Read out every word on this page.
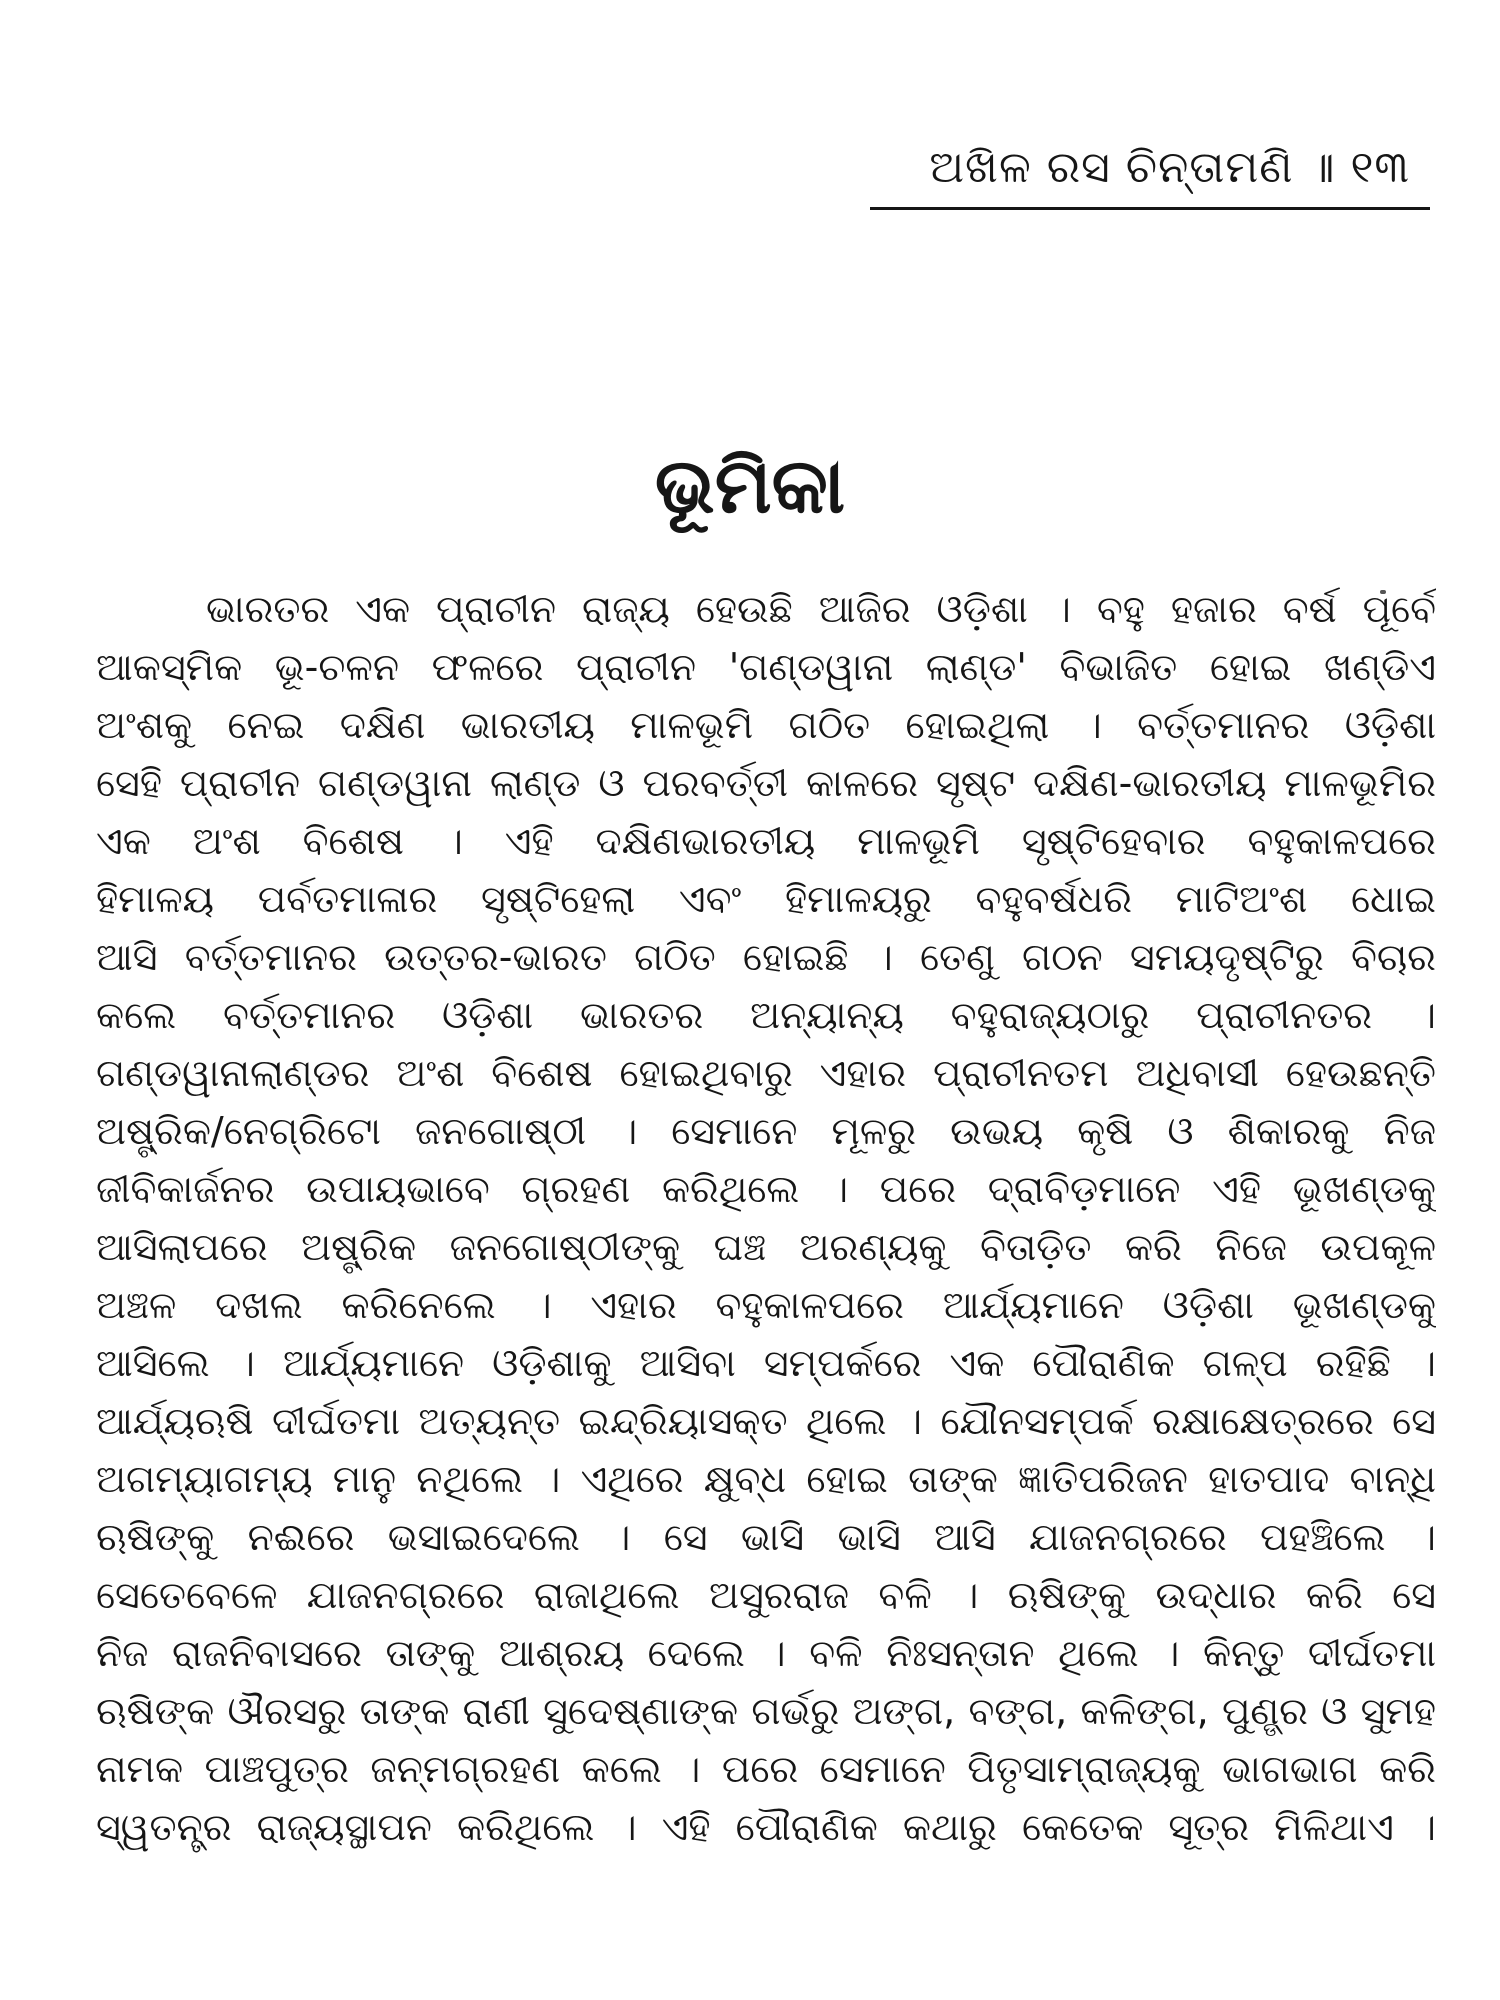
ଅଖିଳ ରସ ଚିନ୍ତାମଣି ॥ ୧୩
ଭୂମିକା
ଭାରତର ଏକ ପ୍ରାଚୀନ ରାଜ୍ୟ ହେଉଛି ଆଜିର ଓଡ଼ିଶା । ବହୁ ହଜାର ବର୍ଷ ପୂର୍ବେ
ଆକସ୍ମିକ ଭୂ-ଚଳନ ଫଳରେ ପ୍ରାଚୀନ 'ଗଣ୍ଡୱାନା ଲାଣ୍ଡ' ବିଭାଜିତ ହୋଇ ଖଣ୍ଡିଏ
ଅଂଶକୁ ନେଇ ଦକ୍ଷିଣ ଭାରତୀୟ ମାଳଭୂମି ଗଠିତ ହୋଇଥିଲା । ବର୍ତ୍ତମାନର ଓଡ଼ିଶା
ସେହି ପ୍ରାଚୀନ ଗଣ୍ଡୱାନା ଲାଣ୍ଡ ଓ ପରବର୍ତ୍ତୀ କାଳରେ ସୃଷ୍ଟ ଦକ୍ଷିଣ-ଭାରତୀୟ ମାଳଭୂମିର
ଏକ ଅଂଶ ବିଶେଷ । ଏହି ଦକ୍ଷିଣଭାରତୀୟ ମାଳଭୂମି ସୃଷ୍ଟିହେବାର ବହୁକାଳପରେ
ହିମାଳୟ ପର୍ବତମାଳାର ସୃଷ୍ଟିହେଲା ଏବଂ ହିମାଳୟରୁ ବହୁବର୍ଷଧରି ମାଟିଅଂଶ ଧୋଇ
ଆସି ବର୍ତ୍ତମାନର ଉତ୍ତର-ଭାରତ ଗଠିତ ହୋଇଛି । ତେଣୁ ଗଠନ ସମୟଦୃଷ୍ଟିରୁ ବିଚାର
କଲେ ବର୍ତ୍ତମାନର ଓଡ଼ିଶା ଭାରତର ଅନ୍ୟାନ୍ୟ ବହୁରାଜ୍ୟଠାରୁ ପ୍ରାଚୀନତର ।
ଗଣ୍ଡୱାନାଲାଣ୍ଡର ଅଂଶ ବିଶେଷ ହୋଇଥିବାରୁ ଏହାର ପ୍ରାଚୀନତମ ଅଧିବାସୀ ହେଉଛନ୍ତି
ଅଷ୍ଟ୍ରିକ/ନେଗ୍ରିଟୋ ଜନଗୋଷ୍ଠୀ । ସେମାନେ ମୂଳରୁ ଉଭୟ କୃଷି ଓ ଶିକାରକୁ ନିଜ
ଜୀବିକାର୍ଜନର ଉପାୟଭାବେ ଗ୍ରହଣ କରିଥିଲେ । ପରେ ଦ୍ରାବିଡ଼ମାନେ ଏହି ଭୂଖଣ୍ଡକୁ
ଆସିଲାପରେ ଅଷ୍ଟ୍ରିକ ଜନଗୋଷ୍ଠୀଙ୍କୁ ଘଞ୍ଚ ଅରଣ୍ୟକୁ ବିତାଡ଼ିତ କରି ନିଜେ ଉପକୂଳ
ଅଞ୍ଚଳ ଦଖଲ କରିନେଲେ । ଏହାର ବହୁକାଳପରେ ଆର୍ଯ୍ୟମାନେ ଓଡ଼ିଶା ଭୂଖଣ୍ଡକୁ
ଆସିଲେ । ଆର୍ଯ୍ୟମାନେ ଓଡ଼ିଶାକୁ ଆସିବା ସମ୍ପର୍କରେ ଏକ ପୌରାଣିକ ଗଳ୍ପ ରହିଛି ।
ଆର୍ଯ୍ୟଋଷି ଦୀର୍ଘତମା ଅତ୍ୟନ୍ତ ଇନ୍ଦ୍ରିୟାସକ୍ତ ଥିଲେ । ଯୌନସମ୍ପର୍କ ରକ୍ଷାକ୍ଷେତ୍ରରେ ସେ
ଅଗମ୍ୟାଗମ୍ୟ ମାନୁ ନଥିଲେ । ଏଥିରେ କ୍ଷୁବ୍ଧ ହୋଇ ତାଙ୍କ ଜ୍ଞାତିପରିଜନ ହାତପାଦ ବାନ୍ଧି
ଋଷିଙ୍କୁ ନଈରେ ଭସାଇଦେଲେ । ସେ ଭାସି ଭାସି ଆସି ଯାଜନଗ୍ରରେ ପହଞ୍ଚିଲେ ।
ସେତେବେଳେ ଯାଜନଗ୍ରରେ ରାଜାଥିଲେ ଅସୁରରାଜ ବଳି । ଋଷିଙ୍କୁ ଉଦ୍ଧାର କରି ସେ
ନିଜ ରାଜନିବାସରେ ତାଙ୍କୁ ଆଶ୍ରୟ ଦେଲେ । ବଳି ନିଃସନ୍ତାନ ଥିଲେ । କିନ୍ତୁ ଦୀର୍ଘତମା
ଋଷିଙ୍କ ଔରସରୁ ତାଙ୍କ ରାଣୀ ସୁଦେଷ୍ଣାଙ୍କ ଗର୍ଭରୁ ଅଙ୍ଗ, ବଙ୍ଗ, କଳିଙ୍ଗ, ପୁଣ୍ଡ୍ର ଓ ସୁମହ
ନାମକ ପାଞ୍ଚପୁତ୍ର ଜନ୍ମଗ୍ରହଣ କଲେ । ପରେ ସେମାନେ ପିତୃସାମ୍ରାଜ୍ୟକୁ ଭାଗଭାଗ କରି
ସ୍ୱତନ୍ତ୍ର ରାଜ୍ୟସ୍ଥାପନ କରିଥିଲେ । ଏହି ପୌରାଣିକ କଥାରୁ କେତେକ ସୂତ୍ର ମିଳିଥାଏ ।
